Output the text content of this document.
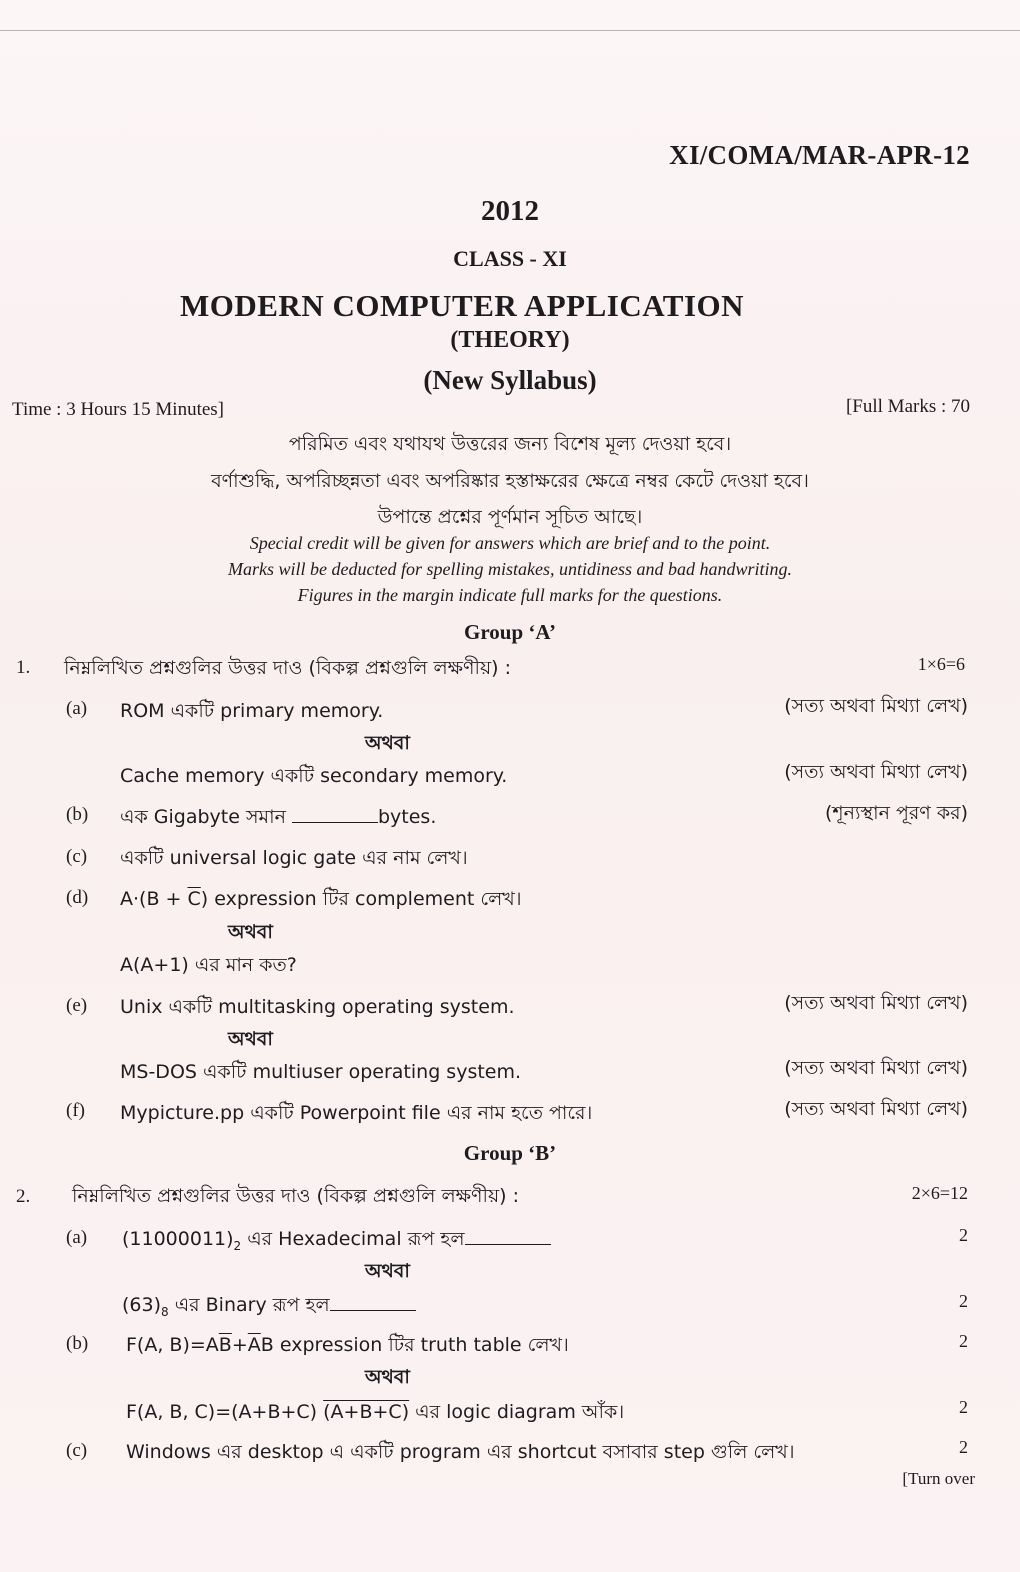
XI/COMA/MAR-APR-12
2012
CLASS - XI
MODERN COMPUTER APPLICATION
(THEORY)
(New Syllabus)
Time : 3 Hours 15 Minutes]	[Full Marks : 70
পরিমিত এবং যথাযথ উত্তরের জন্য বিশেষ মূল্য দেওয়া হবে।
বর্ণাশুদ্ধি, অপরিচ্ছন্নতা এবং অপরিষ্কার হস্তাক্ষরের ক্ষেত্রে নম্বর কেটে দেওয়া হবে।
উপান্তে প্রশ্নের পূর্ণমান সূচিত আছে।
Special credit will be given for answers which are brief and to the point.
Marks will be deducted for spelling mistakes, untidiness and bad handwriting.
Figures in the margin indicate full marks for the questions.
Group ‘A’
1. নিম্নলিখিত প্রশ্নগুলির উত্তর দাও (বিকল্প প্রশ্নগুলি লক্ষণীয়) :	1×6=6
(a) ROM একটি primary memory.	(সত্য অথবা মিথ্যা লেখ)
অথবা
Cache memory একটি secondary memory.	(সত্য অথবা মিথ্যা লেখ)
(b) এক Gigabyte সমান	bytes.	(শূন্যস্থান পূরণ কর)
(c) একটি universal logic gate এর নাম লেখ।
(d) $A\cdot(B + \overline{C})$ expression টির complement লেখ।
অথবা
A(A+1) এর মান কত?
(e) Unix একটি multitasking operating system.	(সত্য অথবা মিথ্যা লেখ)
অথবা
MS-DOS একটি multiuser operating system.	(সত্য অথবা মিথ্যা লেখ)
(f) Mypicture.pp একটি Powerpoint file এর নাম হতে পারে।	(সত্য অথবা মিথ্যা লেখ)
Group ‘B’
2. নিম্নলিখিত প্রশ্নগুলির উত্তর দাও (বিকল্প প্রশ্নগুলি লক্ষণীয়) :	2×6=12
(a) $(11000011)_2$ এর Hexadecimal রূপ হল	2
অথবা
$(63)_8$ এর Binary রূপ হল	2
(b) F(A, $B)=A\overline{B}+\overline{A}B$ expression টির truth table লেখ।	2
অথবা
F(A, B, C)=(A+B+C) (A+B+C) এর logic diagram আঁক।	2
(c) Windows এর desktop এ একটি program এর shortcut বসাবার step গুলি লেখ।	2
[Turn over
